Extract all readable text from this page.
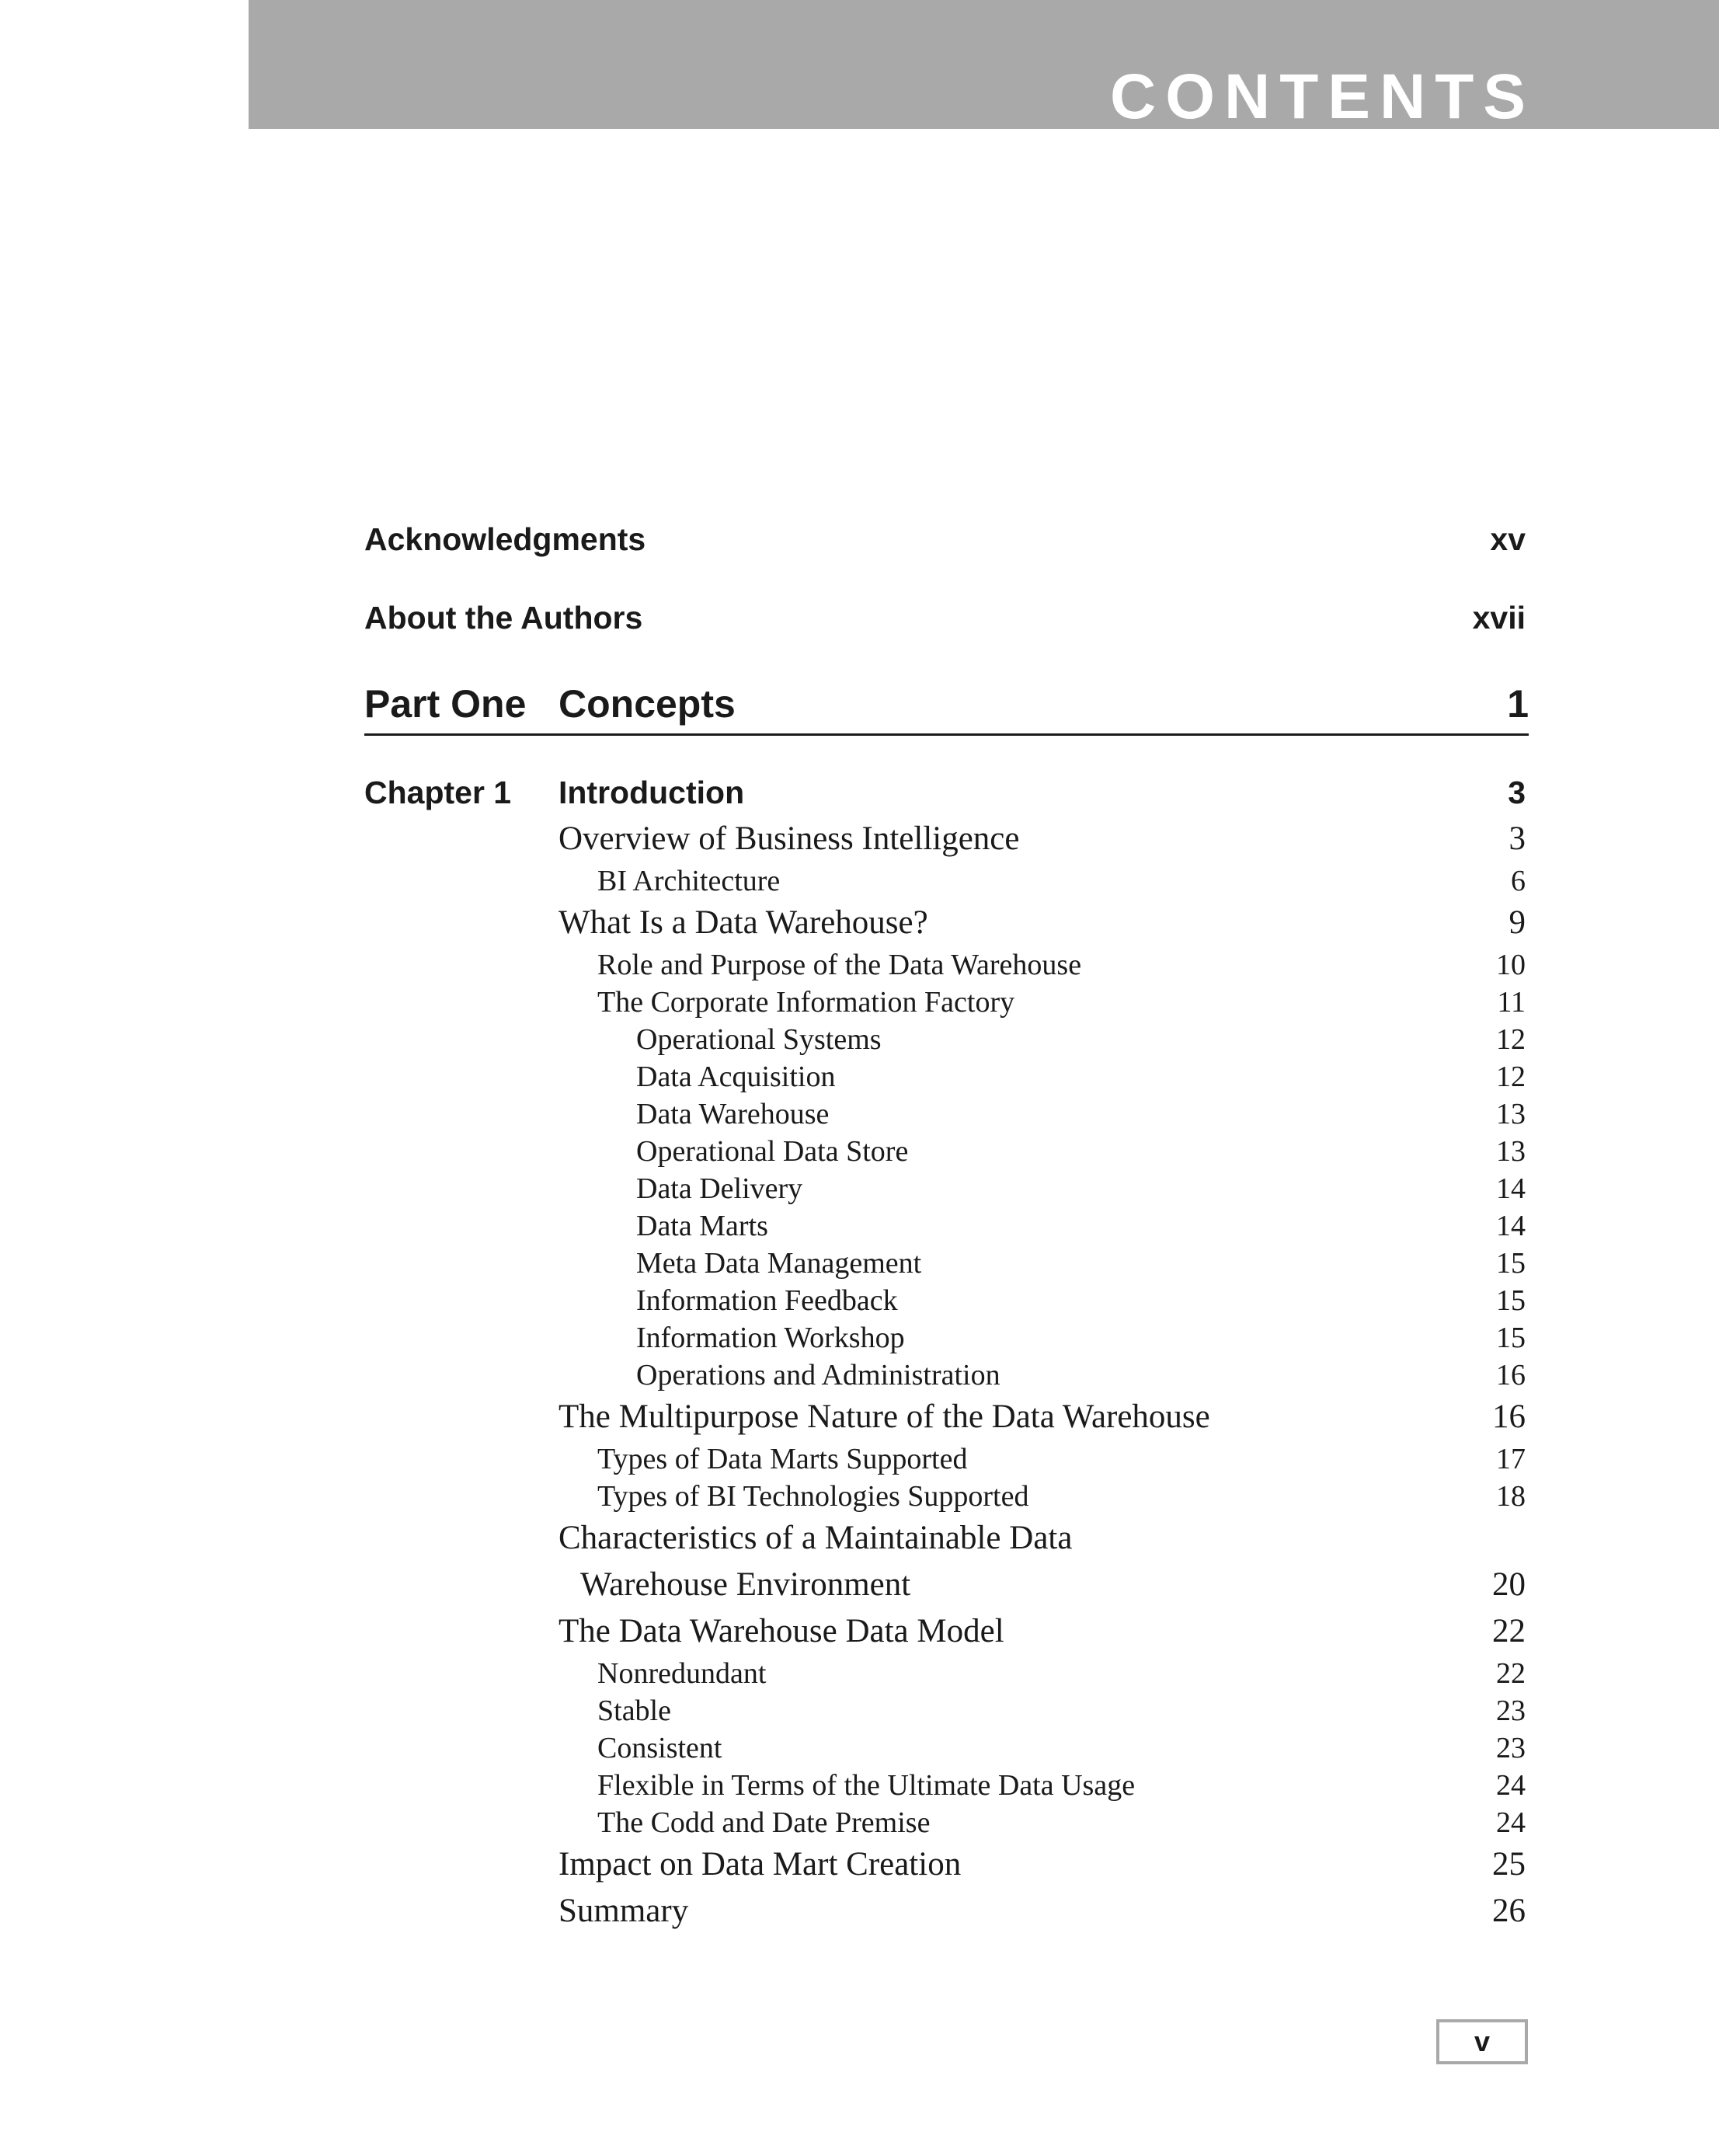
CONTENTS
Acknowledgments	xv
About the Authors	xvii
Part One Concepts	1
Chapter 1	Introduction	3
Overview of Business Intelligence	3
BI Architecture	6
What Is a Data Warehouse?	9
Role and Purpose of the Data Warehouse	10
The Corporate Information Factory	11
Operational Systems	12
Data Acquisition	12
Data Warehouse	13
Operational Data Store	13
Data Delivery	14
Data Marts	14
Meta Data Management	15
Information Feedback	15
Information Workshop	15
Operations and Administration	16
The Multipurpose Nature of the Data Warehouse	16
Types of Data Marts Supported	17
Types of BI Technologies Supported	18
Characteristics of a Maintainable Data
Warehouse Environment	20
The Data Warehouse Data Model	22
Nonredundant	22
Stable	23
Consistent	23
Flexible in Terms of the Ultimate Data Usage	24
The Codd and Date Premise	24
Impact on Data Mart Creation	25
Summary	26
v
